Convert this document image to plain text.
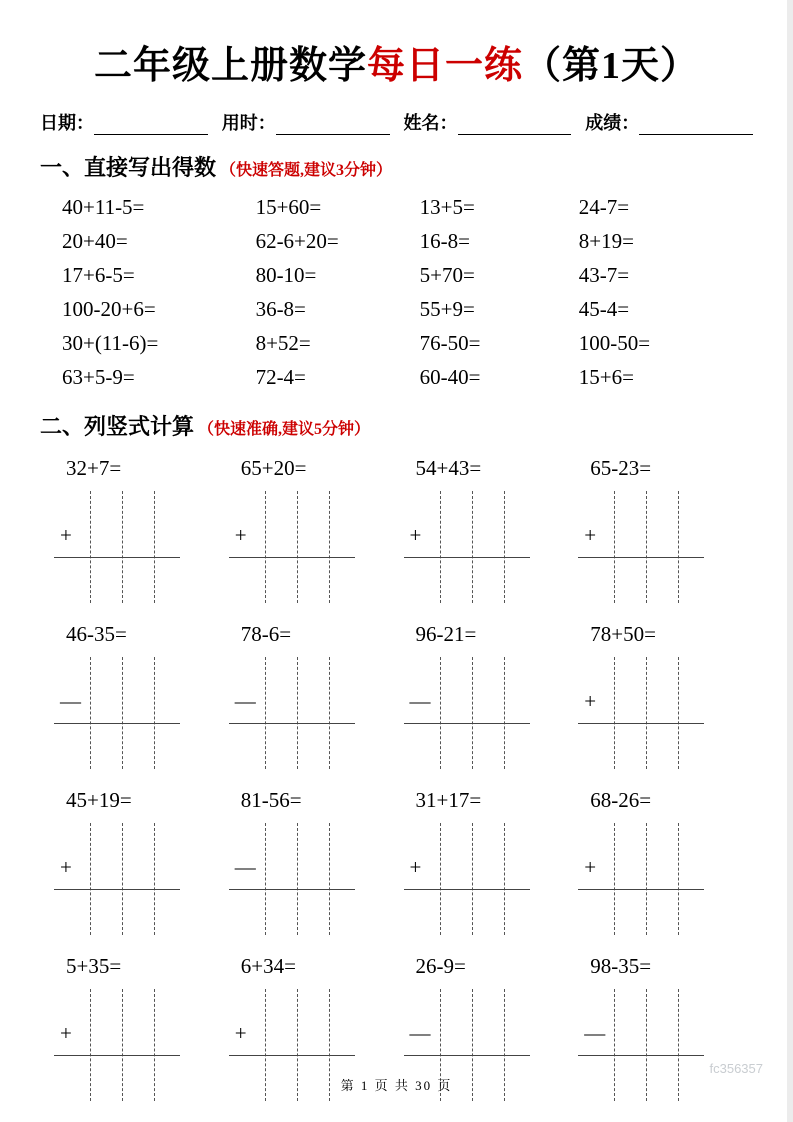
二年级上册数学每日一练（第1天）
日期：	用时：	姓名：	成绩：
一、直接写出得数 （快速答题,建议3分钟）
40+11-5=	15+60=	13+5=	24-7=
20+40=	62-6+20=	16-8=	8+19=
17+6-5=	80-10=	5+70=	43-7=
100-20+6=	36-8=	55+9=	45-4=
30+(11-6)=	8+52=	76-50=	100-50=
63+5-9=	72-4=	60-40=	15+6=
二、列竖式计算 （快速准确,建议5分钟）
32+7=
+
65+20=
+
54+43=
+
65-23=
+
46-35=
—
78-6=
—
96-21=
—
78+50=
+
45+19=
+
81-56=
—
31+17=
+
68-26=
+
5+35=
+
6+34=
+
26-9=
—
98-35=
—
第 1 页 共 30 页
fc356357
